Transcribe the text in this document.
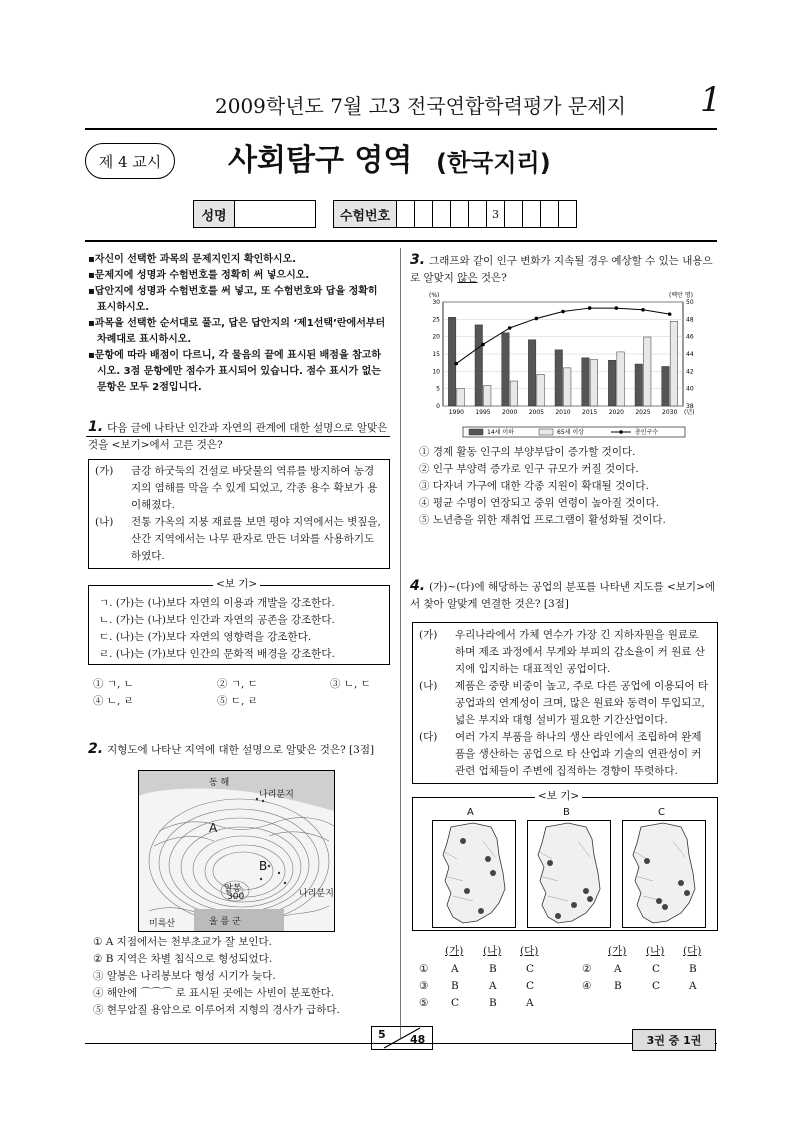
2009학년도 7월 고3 전국연합학력평가 문제지 1
제 4 교시	사회탐구 영역 (한국지리)
성명		수험번호						3				
▪자신이 선택한 과목의 문제지인지 확인하시오.
▪문제지에 성명과 수험번호를 정확히 써 넣으시오.
▪답안지에 성명과 수험번호를 써 넣고, 또 수험번호와 답을 정확히 표시하시오.
▪과목을 선택한 순서대로 풀고, 답은 답안지의 ‘제1선택’란에서부터 차례대로 표시하시오.
▪문항에 따라 배점이 다르니, 각 물음의 끝에 표시된 배점을 참고하시오. 3점 문항에만 점수가 표시되어 있습니다. 점수 표시가 없는 문항은 모두 2점입니다.
1. 다음 글에 나타난 인간과 자연의 관계에 대한 설명으로 알맞은 것을 <보기>에서 고른 것은?
(가)	금강 하굿둑의 건설로 바닷물의 역류를 방지하여 농경지의 염해를 막을 수 있게 되었고, 각종 용수 확보가 용이해졌다.
(나)	전통 가옥의 지붕 재료를 보면 평야 지역에서는 볏짚을, 산간 지역에서는 나무 판자로 만든 너와를 사용하기도 하였다.
ㄱ. (가)는 (나)보다 자연의 이용과 개발을 강조한다.
ㄴ. (가)는 (나)보다 인간과 자연의 공존을 강조한다.
ㄷ. (나)는 (가)보다 자연의 영향력을 강조한다.
ㄹ. (나)는 (가)보다 인간의 문화적 배경을 강조한다.
<보 기>
① ㄱ, ㄴ	② ㄱ, ㄷ	③ ㄴ, ㄷ
④ ㄴ, ㄹ	⑤ ㄷ, ㄹ
2. 지형도에 나타난 지역에 대한 설명으로 알맞은 것은? [3점]
동 해
나리분지
A
B
알봉
300	나리분지
미륵산	울 릉 군
① A 지점에서는 천부초교가 잘 보인다.
② B 지역은 차별 침식으로 형성되었다.
③ 알봉은 나리봉보다 형성 시기가 늦다.
④ 해안에 ⌒⌒⌒ 로 표시된 곳에는 사빈이 분포한다.
⑤ 현무암질 용암으로 이루어져 지형의 경사가 급하다.
3. 그래프와 같이 인구 변화가 지속될 경우 예상할 수 있는 내용으로 알맞지 않은 것은?
0
5
10
15
20
25
30
38
40
42
44
46
48
50
(%)	(백만 명)
1990 1995 2000 2005 2010 2015 2020 2025 2030 (년)
14세 이하	65세 이상	총인구수
① 경제 활동 인구의 부양부담이 증가할 것이다.
② 인구 부양력 증가로 인구 규모가 커질 것이다.
③ 다자녀 가구에 대한 각종 지원이 확대될 것이다.
④ 평균 수명이 연장되고 중위 연령이 높아질 것이다.
⑤ 노년층을 위한 재취업 프로그램이 활성화될 것이다.
4. (가)~(다)에 해당하는 공업의 분포를 나타낸 지도를 <보기>에서 찾아 알맞게 연결한 것은? [3점]
(가)	우리나라에서 가체 연수가 가장 긴 지하자원을 원료로 하며 제조 과정에서 무게와 부피의 감소율이 커 원료 산지에 입지하는 대표적인 공업이다.
(나)	제품은 중량 비중이 높고, 주로 다른 공업에 이용되어 타 공업과의 연계성이 크며, 많은 원료와 동력이 투입되고, 넓은 부지와 대형 설비가 필요한 기간산업이다.
(다)	여러 가지 부품을 하나의 생산 라인에서 조립하여 완제품을 생산하는 공업으로 타 산업과 기술의 연관성이 커 관련 업체들이 주변에 집적하는 경향이 뚜렷하다.
<보 기>
A	B	C
(가) (나) (다)	(가) (나) (다)
① A	B	C	② A	C	B
③ B	A	C	④ B	C	A
⑤ C	B	A
5 48	3권 중 1권
